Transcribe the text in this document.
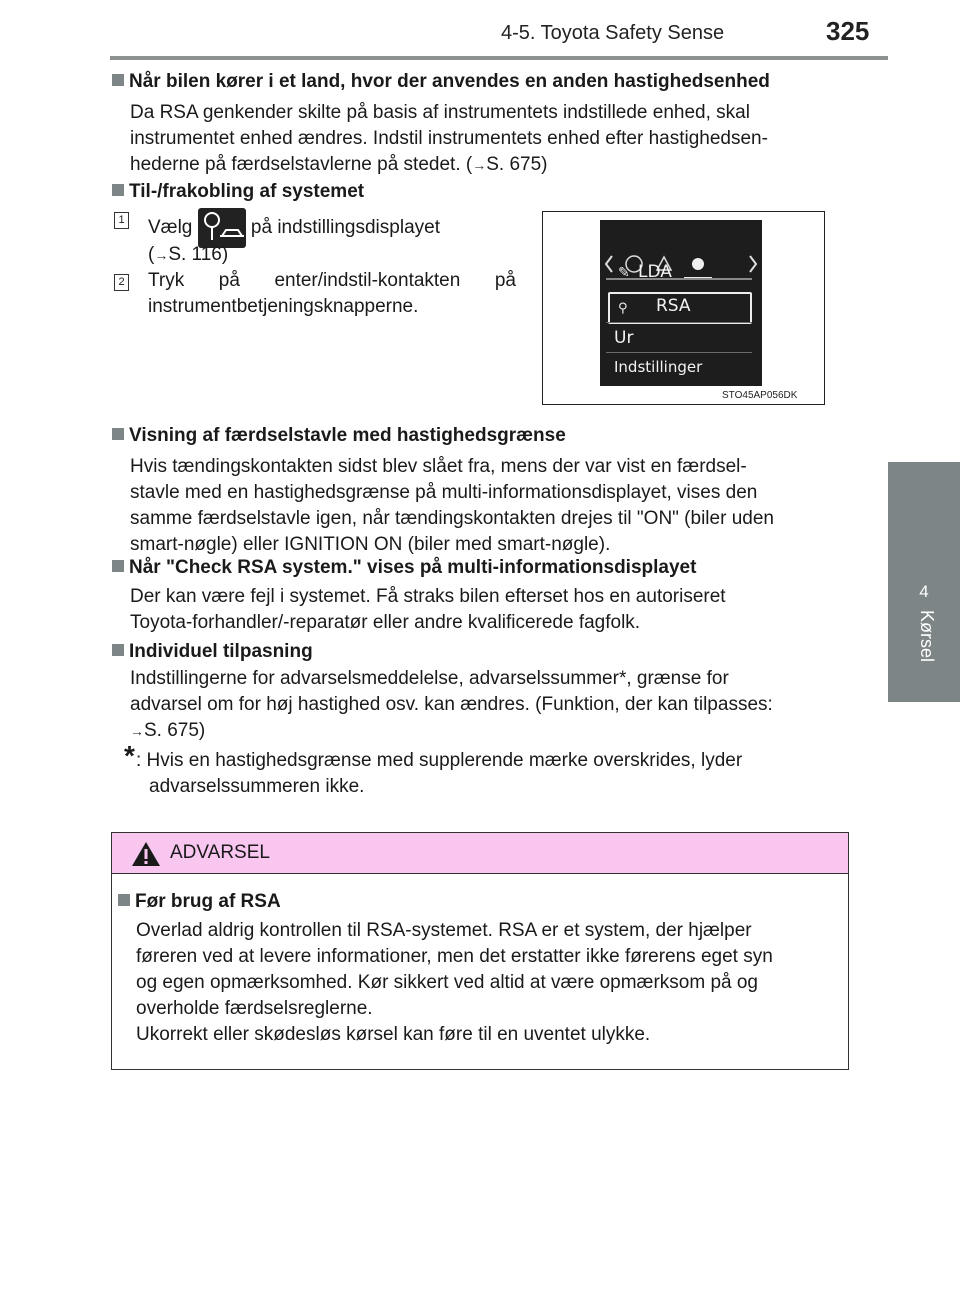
4-5. Toyota Safety Sense	325
4
Kørsel
Når bilen kører i et land, hvor der anvendes en anden hastighedsenhed
Da RSA genkender skilte på basis af instrumentets indstillede enhed, skal
instrumentet enhed ændres. Indstil instrumentets enhed efter hastighedsen-
hederne på færdselstavlerne på stedet. (→S. 675)
Til-/frakobling af systemet
1 Vælg	på indstillingsdisplayet
(→S. 116)
2 Tryk på enter/indstil-kontakten på
instrumentbetjeningsknapperne.
✎ LDA
⚲ RSA
Ur
Indstillinger
STO45AP056DK
Visning af færdselstavle med hastighedsgrænse
Hvis tændingskontakten sidst blev slået fra, mens der var vist en færdsel-
stavle med en hastighedsgrænse på multi-informationsdisplayet, vises den
samme færdselstavle igen, når tændingskontakten drejes til "ON" (biler uden
smart-nøgle) eller IGNITION ON (biler med smart-nøgle).
Når "Check RSA system." vises på multi-informationsdisplayet
Der kan være fejl i systemet. Få straks bilen efterset hos en autoriseret
Toyota-forhandler/-reparatør eller andre kvalificerede fagfolk.
Individuel tilpasning
Indstillingerne for advarselsmeddelelse, advarselssummer*, grænse for
advarsel om for høj hastighed osv. kan ændres. (Funktion, der kan tilpasses:
→S. 675)
* : Hvis en hastighedsgrænse med supplerende mærke overskrides, lyder
advarselssummeren ikke.
ADVARSEL
Før brug af RSA
Overlad aldrig kontrollen til RSA-systemet. RSA er et system, der hjælper
føreren ved at levere informationer, men det erstatter ikke førerens eget syn
og egen opmærksomhed. Kør sikkert ved altid at være opmærksom på og
overholde færdselsreglerne.
Ukorrekt eller skødesløs kørsel kan føre til en uventet ulykke.
